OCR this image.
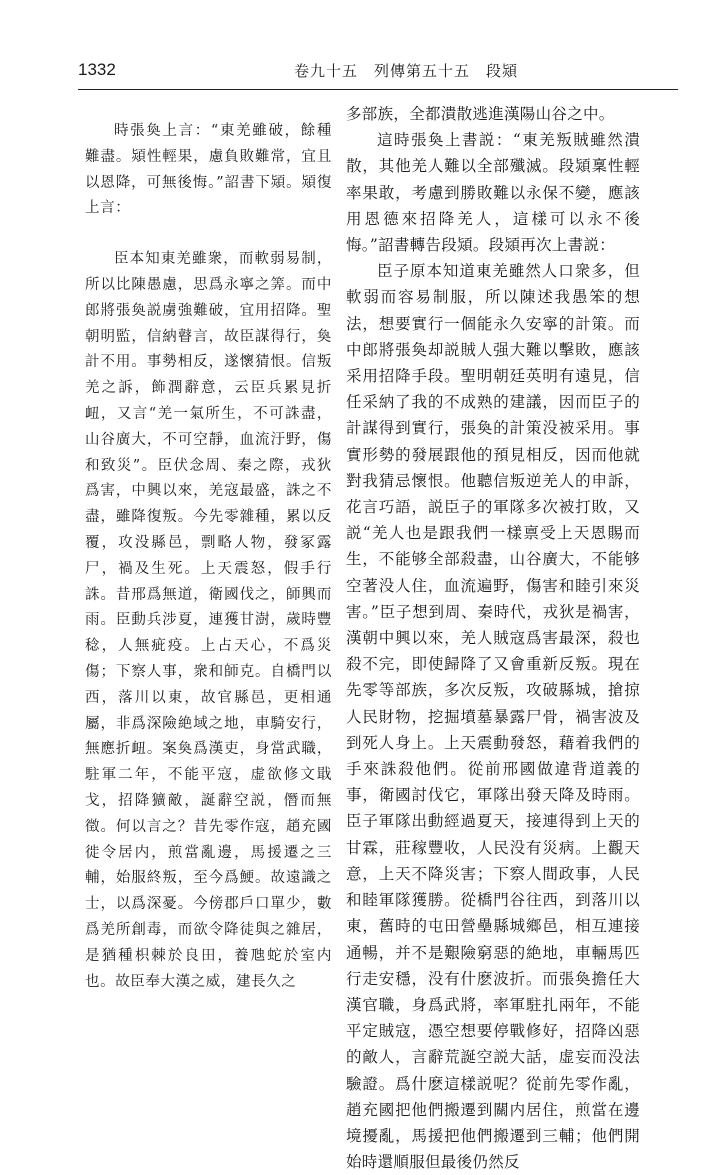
1332	卷九十五　列傳第五十五　段熲

時張奐上言：“東羌雖破，餘種難盡。熲性輕果，慮負敗難常，宜且以恩降，可無後悔。”詔書下熲。熲復上言：

臣本知東羌雖衆，而軟弱易制，所以比陳愚慮，思爲永寧之筭。而中郎將張奐説虜強難破，宜用招降。聖朝明監，信納瞽言，故臣謀得行，奐計不用。事勢相反，遂懷猜恨。信叛羌之訴，飾潤辭意，云臣兵累見折衄，又言“羌一氣所生，不可誅盡，山谷廣大，不可空靜，血流汙野，傷和致災”。臣伏念周、秦之際，戎狄爲害，中興以來，羌寇最盛，誅之不盡，雖降復叛。今先零雜種，累以反覆，攻没縣邑，剽略人物，發冢露尸，禍及生死。上天震怒，假手行誅。昔邢爲無道，衛國伐之，師興而雨。臣動兵涉夏，連獲甘澍，歲時豐稔，人無疵疫。上占天心，不爲災傷；下察人事，衆和師克。自橋門以西，落川以東，故官縣邑，更相通屬，非爲深險絶域之地，車騎安行，無應折衄。案奐爲漢吏，身當武職，駐軍二年，不能平寇，虚欲修文戢戈，招降獷敵，誕辭空説，僭而無徵。何以言之？昔先零作寇，趙充國徙令居内，煎當亂邊，馬援遷之三輔，始服終叛，至今爲鯁。故遠識之士，以爲深憂。今傍郡戶口單少，數爲羌所創毒，而欲令降徒與之雜居，是猶種枳棘於良田，養虺蛇於室内也。故臣奉大漢之威，建長久之

多部族，全都潰散逃進漢陽山谷之中。

這時張奐上書説：“東羌叛賊雖然潰散，其他羌人難以全部殲滅。段熲稟性輕率果敢，考慮到勝敗難以永保不變，應該用恩德來招降羌人，這樣可以永不後悔。”詔書轉告段熲。段熲再次上書説：

臣子原本知道東羌雖然人口衆多，但軟弱而容易制服，所以陳述我愚笨的想法，想要實行一個能永久安寧的計策。而中郎將張奐却説賊人强大難以擊敗，應該采用招降手段。聖明朝廷英明有遠見，信任采納了我的不成熟的建議，因而臣子的計謀得到實行，張奐的計策没被采用。事實形勢的發展跟他的預見相反，因而他就對我猜忌懷恨。他聽信叛逆羌人的申訴，花言巧語，説臣子的軍隊多次被打敗，又説“羌人也是跟我們一樣禀受上天恩賜而生，不能够全部殺盡，山谷廣大，不能够空著没人住，血流遍野，傷害和睦引來災害。”臣子想到周、秦時代，戎狄是禍害，漢朝中興以來，羌人賊寇爲害最深，殺也殺不完，即使歸降了又會重新反叛。現在先零等部族，多次反叛，攻破縣城，搶掠人民財物，挖掘墳墓暴露尸骨，禍害波及到死人身上。上天震動發怒，藉着我們的手來誅殺他們。從前邢國做違背道義的事，衛國討伐它，軍隊出發天降及時雨。臣子軍隊出動經過夏天，接連得到上天的甘霖，莊稼豐收，人民没有災病。上觀天意，上天不降災害；下察人間政事，人民和睦軍隊獲勝。從橋門谷往西，到落川以東，舊時的屯田營壘縣城鄉邑，相互連接通暢，并不是艱險窮惡的絶地，車輛馬匹行走安穩，没有什麽波折。而張奐擔任大漢官職，身爲武將，率軍駐扎兩年，不能平定賊寇，憑空想要停戰修好，招降凶惡的敵人，言辭荒誕空説大話，虚妄而没法驗證。爲什麽這樣説呢？從前先零作亂，趙充國把他們搬遷到關内居住，煎當在邊境擾亂，馬援把他們搬遷到三輔；他們開始時還順服但最後仍然反
